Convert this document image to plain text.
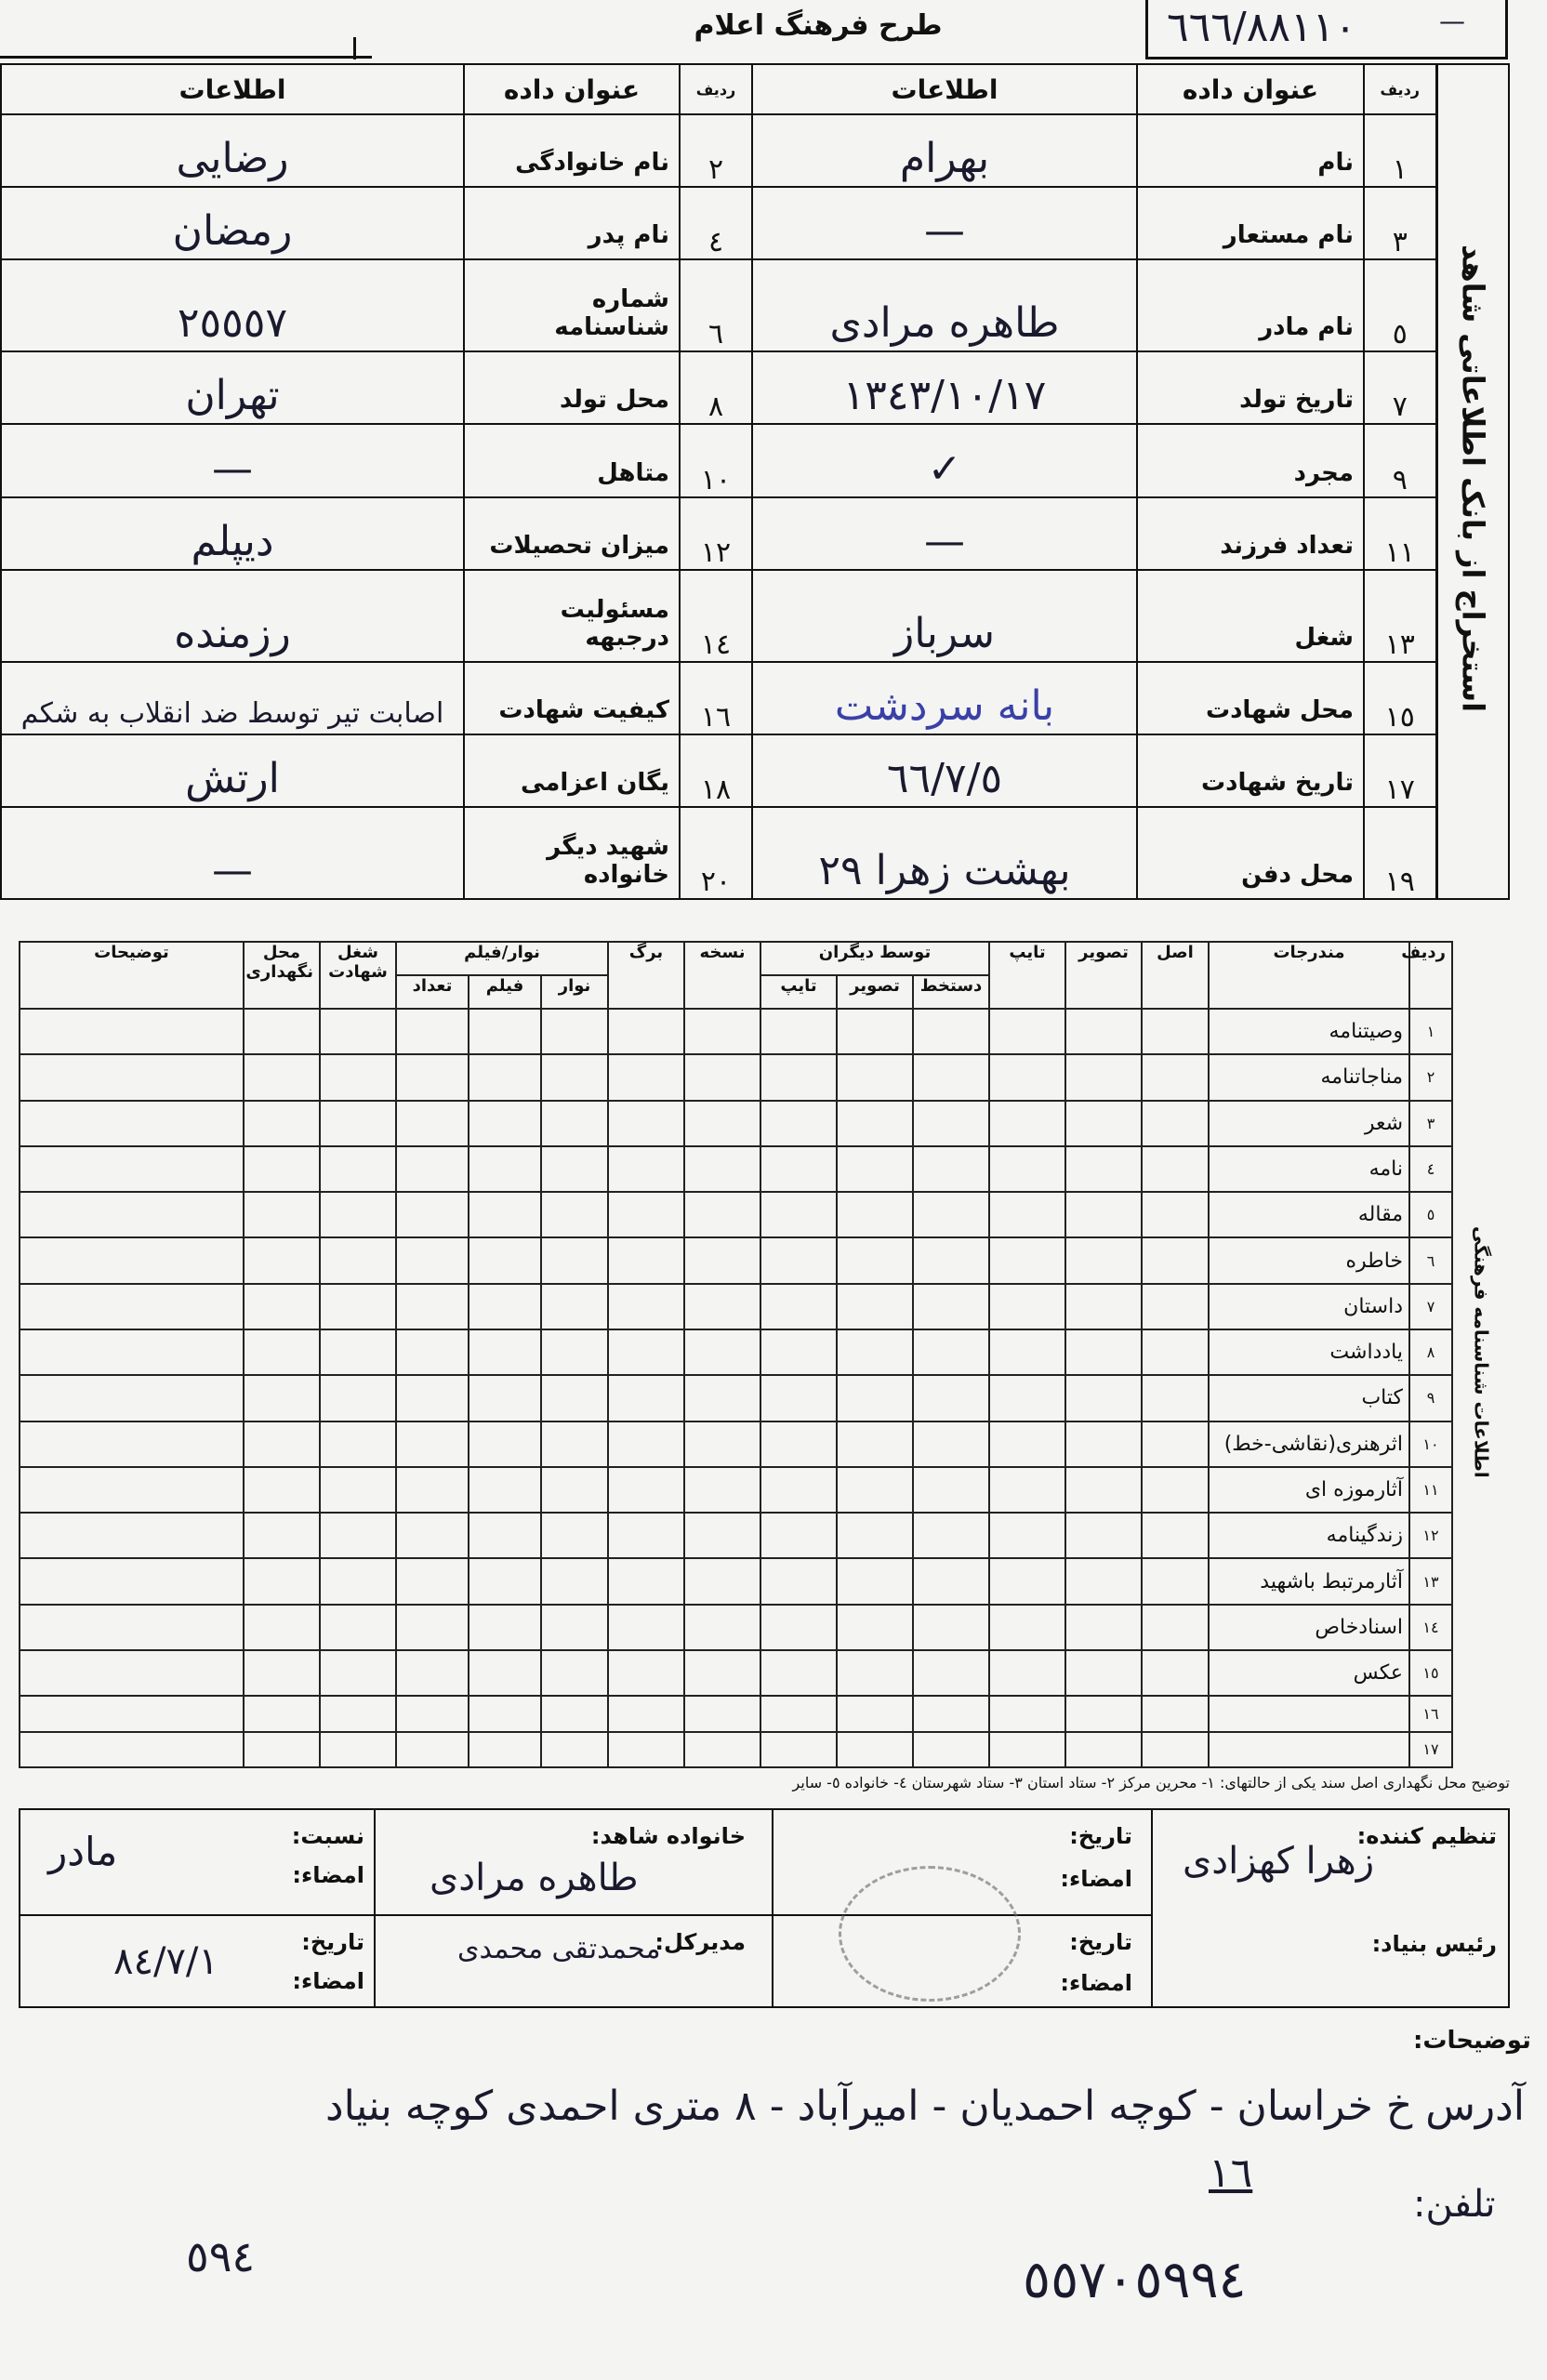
طرح فرهنگ اعلام	٦٦٦/٨٨١١٠	—
استخراج از بانک اطلاعاتی شاهد	ردیف	عنوان داده	اطلاعات	ردیف	عنوان داده	اطلاعات
	١	نام	بهرام	٢	نام خانوادگی	رضایی
	٣	نام مستعار	—	٤	نام پدر	رمضان
	٥	نام مادر	طاهره مرادی	٦	شماره شناسنامه	٢٥٥٥٧
	٧	تاریخ تولد	١٣٤٣/١٠/١٧	٨	محل تولد	تهران
	٩	مجرد	✓	١٠	متاهل	—
	١١	تعداد فرزند	—	١٢	میزان تحصیلات	دیپلم
	١٣	شغل	سرباز	١٤	مسئولیت درجبهه	رزمنده
	١٥	محل شهادت	بانه سردشت	١٦	کیفیت شهادت	اصابت تیر توسط ضد انقلاب به شکم
	١٧	تاریخ شهادت	٦٦/٧/٥	١٨	یگان اعزامی	ارتش
	١٩	محل دفن	بهشت زهرا ٢٩	٢٠	شهید دیگر خانواده	—
اطلاعات شناسنامه فرهنگی	ردیف	مندرجات	اصل	تصویر	تایپ	توسط دیگران			نسخه	برگ	نوار/فیلم			شغل شهادت	محل نگهداری	توضیحات
						دستخط	تصویر	تایپ			نوار	فیلم	تعداد			
	١	وصیتنامه														
	٢	مناجاتنامه														
	٣	شعر														
	٤	نامه														
	٥	مقاله														
	٦	خاطره														
	٧	داستان														
	٨	یادداشت														
	٩	کتاب														
	١٠	اثرهنری(نقاشی-خط)														
	١١	آثارموزه ای														
	١٢	زندگینامه														
	١٣	آثارمرتبط باشهید														
	١٤	اسنادخاص														
	١٥	عکس														
	١٦															
	١٧															
توضیح محل نگهداری اصل سند یکی از حالتهای: ١- محرین مرکز ٢- ستاد استان ٣- ستاد شهرستان ٤- خانواده ٥- سایر
تنظیم کننده:
زهرا کهزادی
رئیس بنیاد:
تاریخ:
امضاء:
تاریخ:
امضاء:
خانواده شاهد:
طاهره مرادی
مدیرکل:
محمدتقی محمدی
نسبت:
امضاء:
مادر
تاریخ:
امضاء:
٨٤/٧/١
توضیحات:
آدرس خ خراسان - کوچه احمدیان - امیرآباد - ٨ متری احمدی کوچه بنیاد
١٦
تلفن:
٥٩٤	٥٥٧٠٥٩٩٤
